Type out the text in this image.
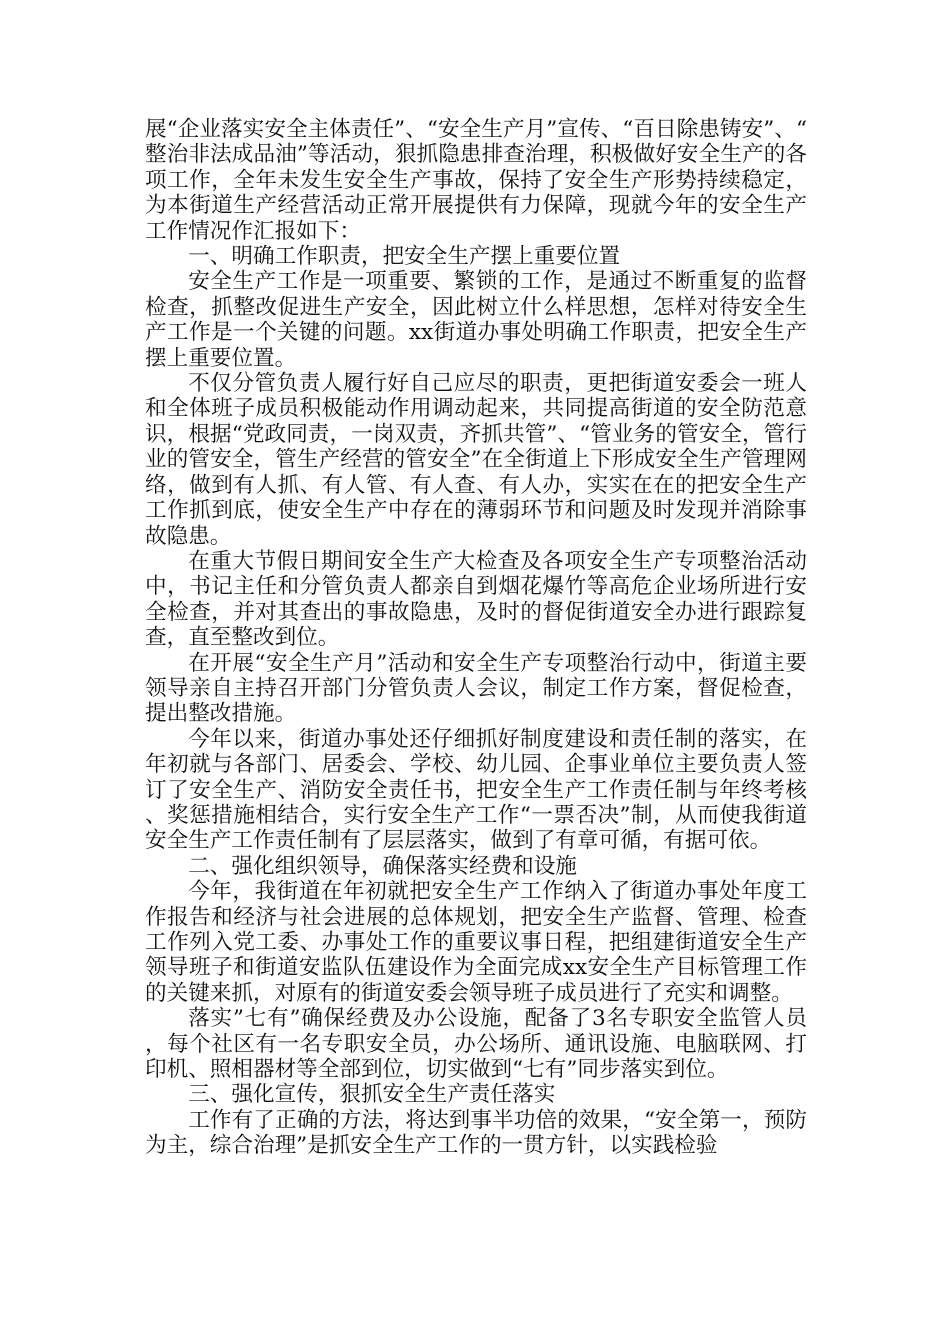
展“企业落实安全主体责任”、“安全生产月”宣传、“百日除患铸安”、“整治非法成品油”等活动，狠抓隐患排查治理，积极做好安全生产的各项工作，全年未发生安全生产事故，保持了安全生产形势持续稳定，为本街道生产经营活动正常开展提供有力保障，现就今年的安全生产工作情况作汇报如下：

一、明确工作职责，把安全生产摆上重要位置

安全生产工作是一项重要、繁锁的工作，是通过不断重复的监督检查，抓整改促进生产安全，因此树立什么样思想，怎样对待安全生产工作是一个关键的问题。xx街道办事处明确工作职责，把安全生产摆上重要位置。

不仅分管负责人履行好自己应尽的职责，更把街道安委会一班人和全体班子成员积极能动作用调动起来，共同提高街道的安全防范意识，根据“党政同责，一岗双责，齐抓共管”、“管业务的管安全，管行业的管安全，管生产经营的管安全”在全街道上下形成安全生产管理网络，做到有人抓、有人管、有人查、有人办，实实在在的把安全生产工作抓到底，使安全生产中存在的薄弱环节和问题及时发现并消除事故隐患。

在重大节假日期间安全生产大检查及各项安全生产专项整治活动中，书记主任和分管负责人都亲自到烟花爆竹等高危企业场所进行安全检查，并对其查出的事故隐患，及时的督促街道安全办进行跟踪复查，直至整改到位。

在开展“安全生产月”活动和安全生产专项整治行动中，街道主要领导亲自主持召开部门分管负责人会议，制定工作方案，督促检查，提出整改措施。

今年以来，街道办事处还仔细抓好制度建设和责任制的落实，在年初就与各部门、居委会、学校、幼儿园、企事业单位主要负责人签订了安全生产、消防安全责任书，把安全生产工作责任制与年终考核、奖惩措施相结合，实行安全生产工作“一票否决”制，从而使我街道安全生产工作责任制有了层层落实，做到了有章可循，有据可依。

二、强化组织领导，确保落实经费和设施

今年，我街道在年初就把安全生产工作纳入了街道办事处年度工作报告和经济与社会进展的总体规划，把安全生产监督、管理、检查工作列入党工委、办事处工作的重要议事日程，把组建街道安全生产领导班子和街道安监队伍建设作为全面完成xx安全生产目标管理工作的关键来抓，对原有的街道安委会领导班子成员进行了充实和调整。

落实”七有”确保经费及办公设施，配备了3名专职安全监管人员，每个社区有一名专职安全员，办公场所、通讯设施、电脑联网、打印机、照相器材等全部到位，切实做到“七有”同步落实到位。

三、强化宣传，狠抓安全生产责任落实

工作有了正确的方法，将达到事半功倍的效果，“安全第一，预防为主，综合治理”是抓安全生产工作的一贯方针，以实践检验
